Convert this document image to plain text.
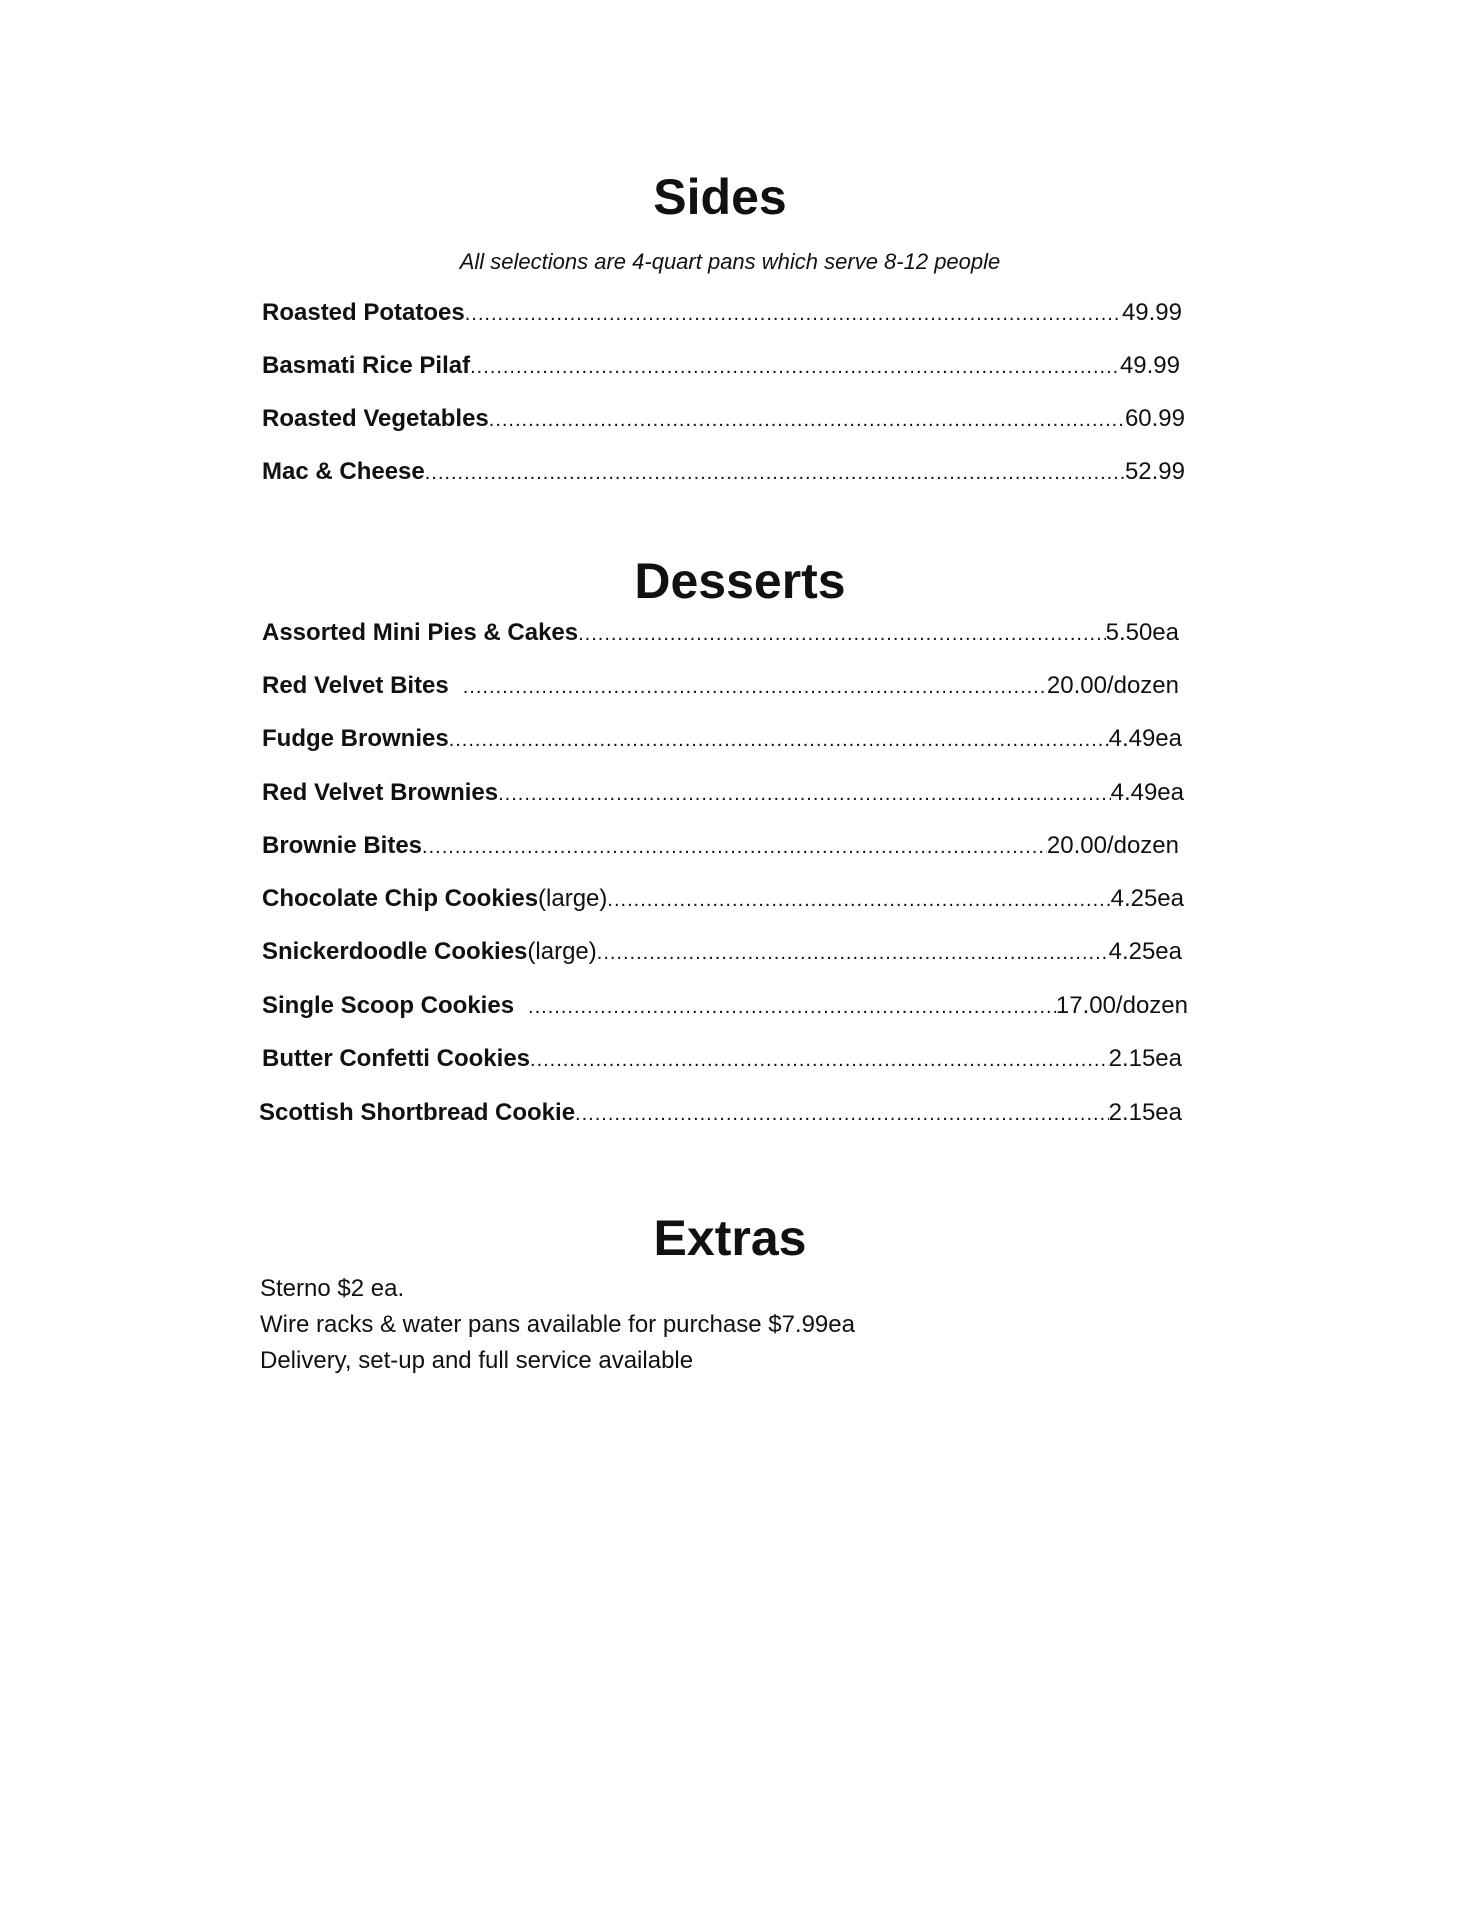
Sides
All selections are 4-quart pans which serve 8-12 people
Roasted Potatoes .....	49.99
Basmati Rice Pilaf .....	49.99
Roasted Vegetables .....	60.99
Mac & Cheese .....	52.99
Desserts
Assorted Mini Pies & Cakes .....	5.50ea
Red Velvet Bites .....	20.00/dozen
Fudge Brownies .....	4.49ea
Red Velvet Brownies .....	4.49ea
Brownie Bites .....	20.00/dozen
Chocolate Chip Cookies (large) .....	4.25ea
Snickerdoodle Cookies (large) .....	4.25ea
Single Scoop Cookies .....	17.00/dozen
Butter Confetti Cookies .....	2.15ea
Scottish Shortbread Cookie .....	2.15ea
Extras
Sterno $2 ea.
Wire racks & water pans available for purchase $7.99ea
Delivery, set-up and full service available
